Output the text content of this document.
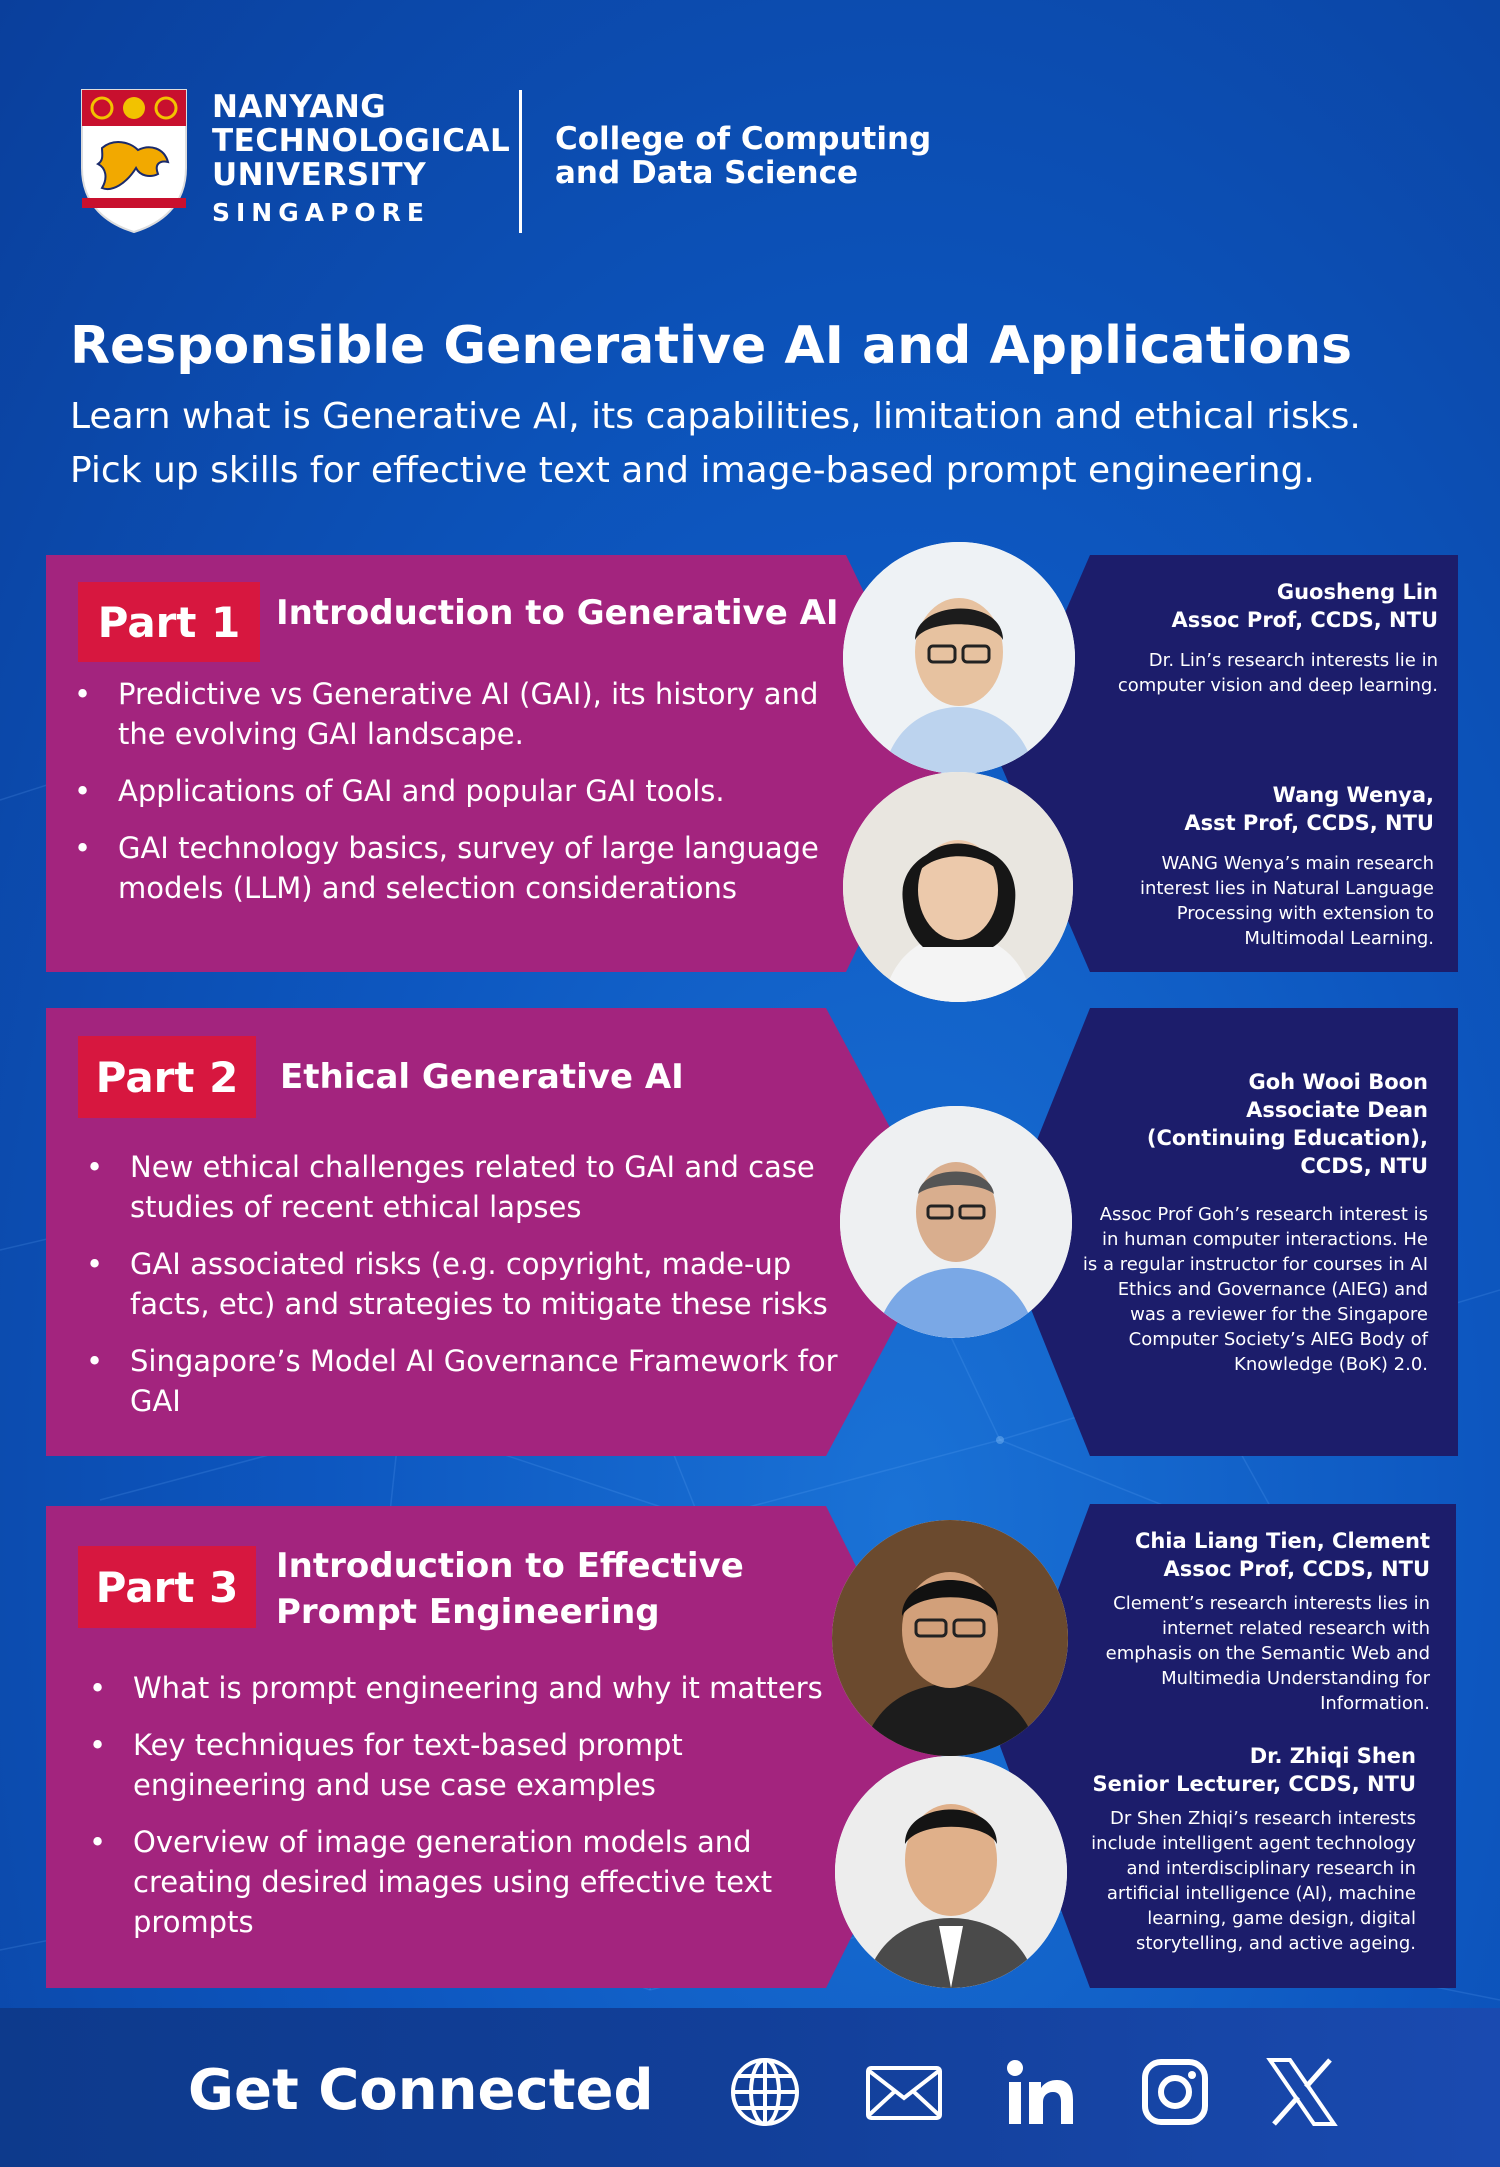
NANYANG
TECHNOLOGICAL
UNIVERSITY
SINGAPORE
College of Computing
and Data Science
Responsible Generative AI and Applications
Learn what is Generative AI, its capabilities, limitation and ethical risks.
Pick up skills for effective text and image-based prompt engineering.
Part 1	Introduction to Generative AI
• Predictive vs Generative AI (GAI), its history and
the evolving GAI landscape.
• Applications of GAI and popular GAI tools.
• GAI technology basics, survey of large language
models (LLM) and selection considerations
Guosheng Lin
Assoc Prof, CCDS, NTU
Dr. Lin’s research interests lie in
computer vision and deep learning.
Wang Wenya,
Asst Prof, CCDS, NTU
WANG Wenya’s main research
interest lies in Natural Language
Processing with extension to
Multimodal Learning.
Part 2	Ethical Generative AI
• New ethical challenges related to GAI and case
studies of recent ethical lapses
• GAI associated risks (e.g. copyright, made-up
facts, etc) and strategies to mitigate these risks
• Singapore’s Model AI Governance Framework for
GAI
Goh Wooi Boon
Associate Dean
(Continuing Education),
CCDS, NTU
Assoc Prof Goh’s research interest is
in human computer interactions. He
is a regular instructor for courses in AI
Ethics and Governance (AIEG) and
was a reviewer for the Singapore
Computer Society’s AIEG Body of
Knowledge (BoK) 2.0.
Part 3	Introduction to Effective
Prompt Engineering
• What is prompt engineering and why it matters
• Key techniques for text-based prompt
engineering and use case examples
• Overview of image generation models and
creating desired images using effective text
prompts
Chia Liang Tien, Clement
Assoc Prof, CCDS, NTU
Clement’s research interests lies in
internet related research with
emphasis on the Semantic Web and
Multimedia Understanding for
Information.
Dr. Zhiqi Shen
Senior Lecturer, CCDS, NTU
Dr Shen Zhiqi’s research interests
include intelligent agent technology
and interdisciplinary research in
artificial intelligence (AI), machine
learning, game design, digital
storytelling, and active ageing.
Get Connected
